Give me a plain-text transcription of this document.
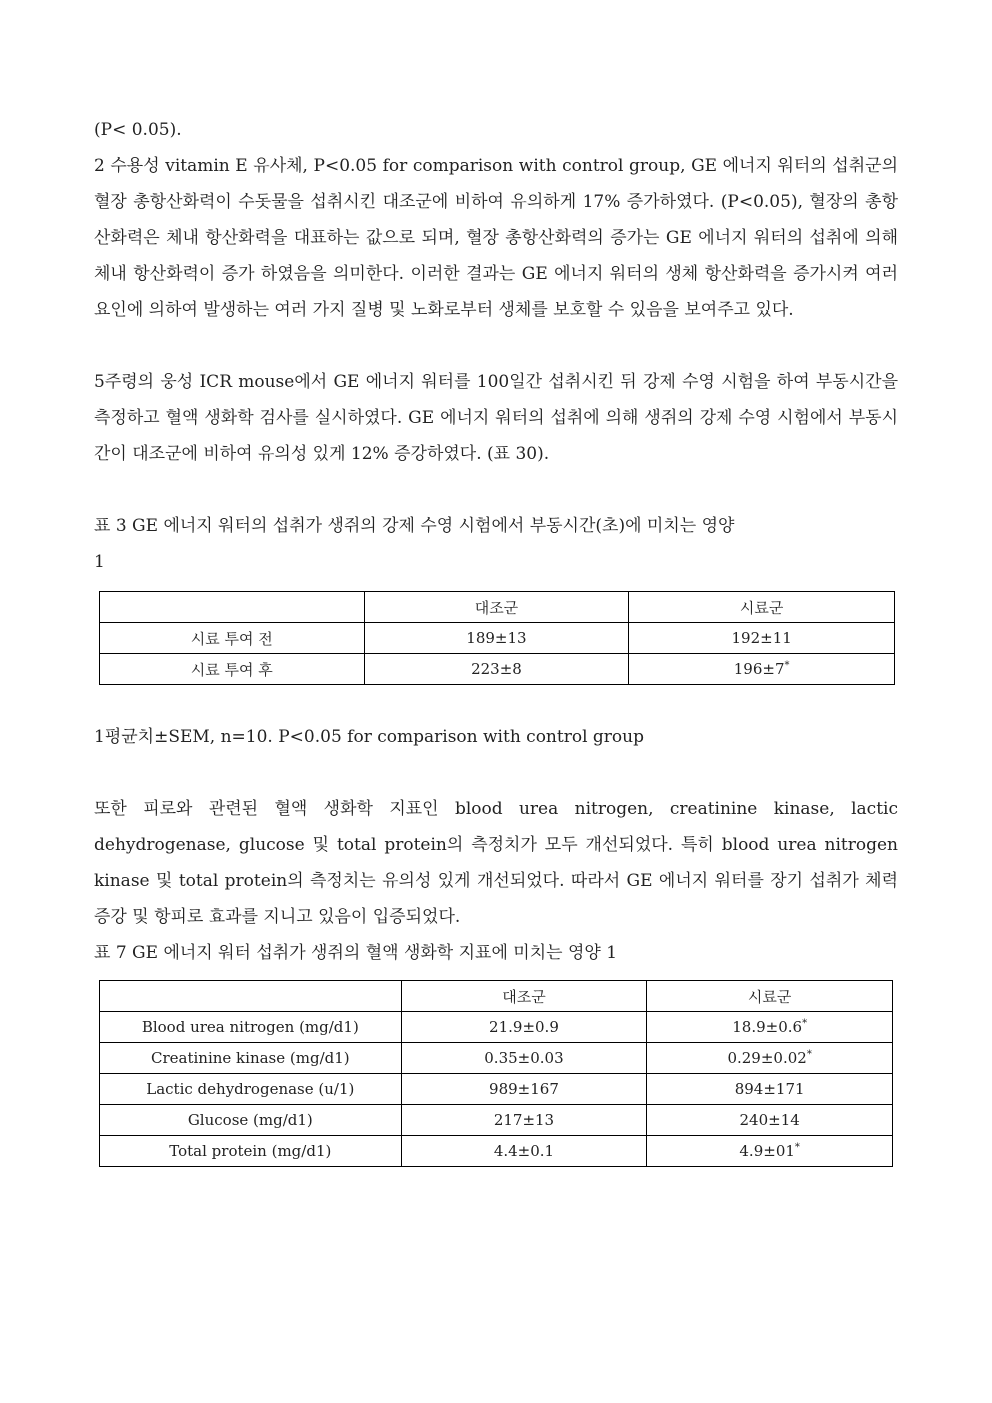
(P< 0.05).

2 수용성 vitamin E 유사체, P<0.05 for comparison with control group, GE 에너지 워터의 섭취군의 혈장 총항산화력이 수돗물을 섭취시킨 대조군에 비하여 유의하게 17% 증가하였다. (P<0.05), 혈장의 총항산화력은 체내 항산화력을 대표하는 값으로 되며, 혈장 총항산화력의 증가는 GE 에너지 워터의 섭취에 의해 체내 항산화력이 증가 하였음을 의미한다. 이러한 결과는 GE 에너지 워터의 생체 항산화력을 증가시켜 여러 요인에 의하여 발생하는 여러 가지 질병 및 노화로부터 생체를 보호할 수 있음을 보여주고 있다.

5주령의 웅성 ICR mouse에서 GE 에너지 워터를 100일간 섭취시킨 뒤 강제 수영 시험을 하여 부동시간을 측정하고 혈액 생화학 검사를 실시하였다. GE 에너지 워터의 섭취에 의해 생쥐의 강제 수영 시험에서 부동시간이 대조군에 비하여 유의성 있게 12% 증강하였다. (표 30).

표 3 GE 에너지 워터의 섭취가 생쥐의 강제 수영 시험에서 부동시간(초)에 미치는 영양
1

	대조군	시료군
시료 투여 전	189±13	192±11
시료 투여 후	223±8	196±7*

1평균치±SEM, n=10. P<0.05 for comparison with control group

또한 피로와 관련된 혈액 생화학 지표인 blood urea nitrogen, creatinine kinase, lactic dehydrogenase, glucose 및 total protein의 측정치가 모두 개선되었다. 특히 blood urea nitrogen kinase 및 total protein의 측정치는 유의성 있게 개선되었다. 따라서 GE 에너지 워터를 장기 섭취가 체력증강 및 항피로 효과를 지니고 있음이 입증되었다.

표 7 GE 에너지 워터 섭취가 생쥐의 혈액 생화학 지표에 미치는 영양 1

	대조군	시료군
Blood urea nitrogen (mg/d1)	21.9±0.9	18.9±0.6*
Creatinine kinase (mg/d1)	0.35±0.03	0.29±0.02*
Lactic dehydrogenase (u/1)	989±167	894±171
Glucose (mg/d1)	217±13	240±14
Total protein (mg/d1)	4.4±0.1	4.9±01*
